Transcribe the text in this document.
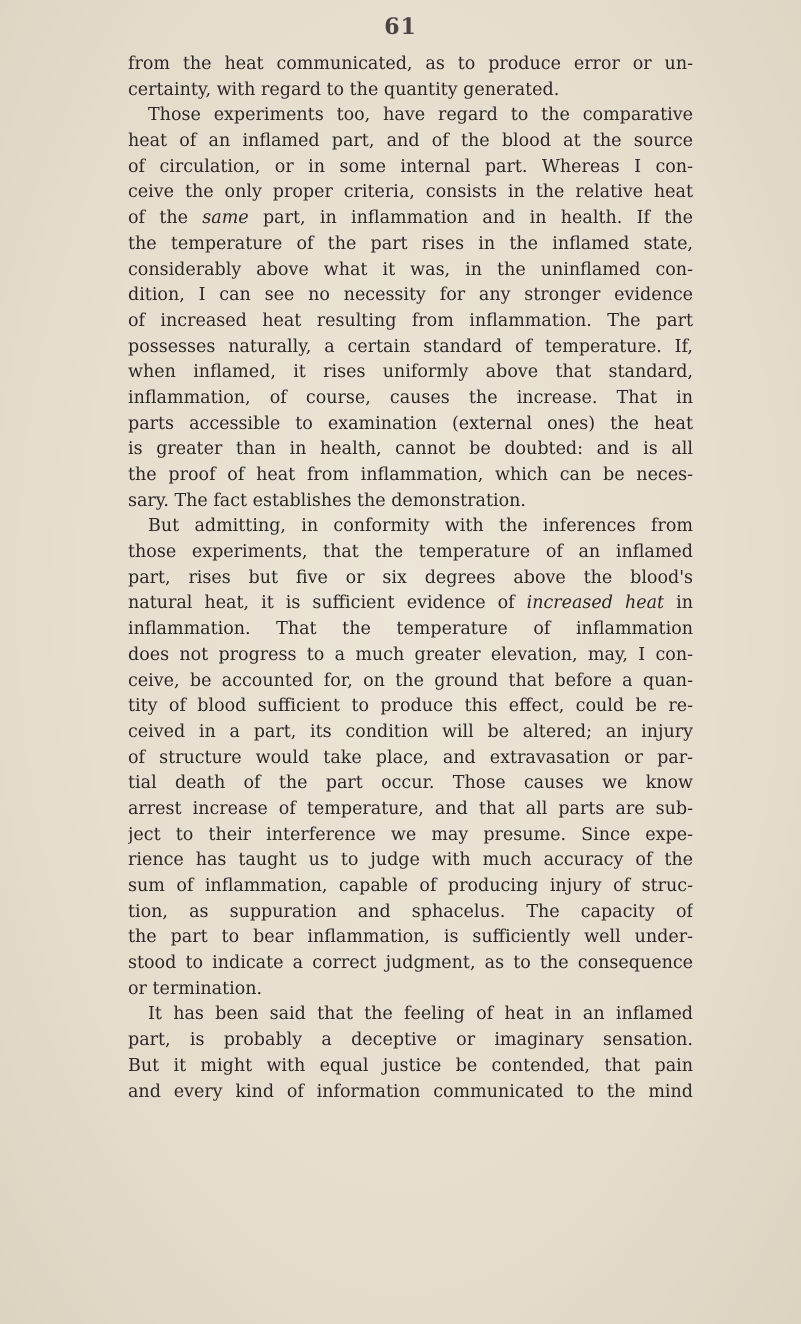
61
from the heat communicated, as to produce error or un-
certainty, with regard to the quantity generated.
Those experiments too, have regard to the comparative
heat of an inflamed part, and of the blood at the source
of circulation, or in some internal part. Whereas I con-
ceive the only proper criteria, consists in the relative heat
of the same part, in inflammation and in health. If the
the temperature of the part rises in the inflamed state,
considerably above what it was, in the uninflamed con-
dition, I can see no necessity for any stronger evidence
of increased heat resulting from inflammation. The part
possesses naturally, a certain standard of temperature. If,
when inflamed, it rises uniformly above that standard,
inflammation, of course, causes the increase. That in
parts accessible to examination (external ones) the heat
is greater than in health, cannot be doubted: and is all
the proof of heat from inflammation, which can be neces-
sary. The fact establishes the demonstration.
But admitting, in conformity with the inferences from
those experiments, that the temperature of an inflamed
part, rises but five or six degrees above the blood's
natural heat, it is sufficient evidence of increased heat in
inflammation. That the temperature of inflammation
does not progress to a much greater elevation, may, I con-
ceive, be accounted for, on the ground that before a quan-
tity of blood sufficient to produce this effect, could be re-
ceived in a part, its condition will be altered; an injury
of structure would take place, and extravasation or par-
tial death of the part occur. Those causes we know
arrest increase of temperature, and that all parts are sub-
ject to their interference we may presume. Since expe-
rience has taught us to judge with much accuracy of the
sum of inflammation, capable of producing injury of struc-
tion, as suppuration and sphacelus. The capacity of
the part to bear inflammation, is sufficiently well under-
stood to indicate a correct judgment, as to the consequence
or termination.
It has been said that the feeling of heat in an inflamed
part, is probably a deceptive or imaginary sensation.
But it might with equal justice be contended, that pain
and every kind of information communicated to the mind
